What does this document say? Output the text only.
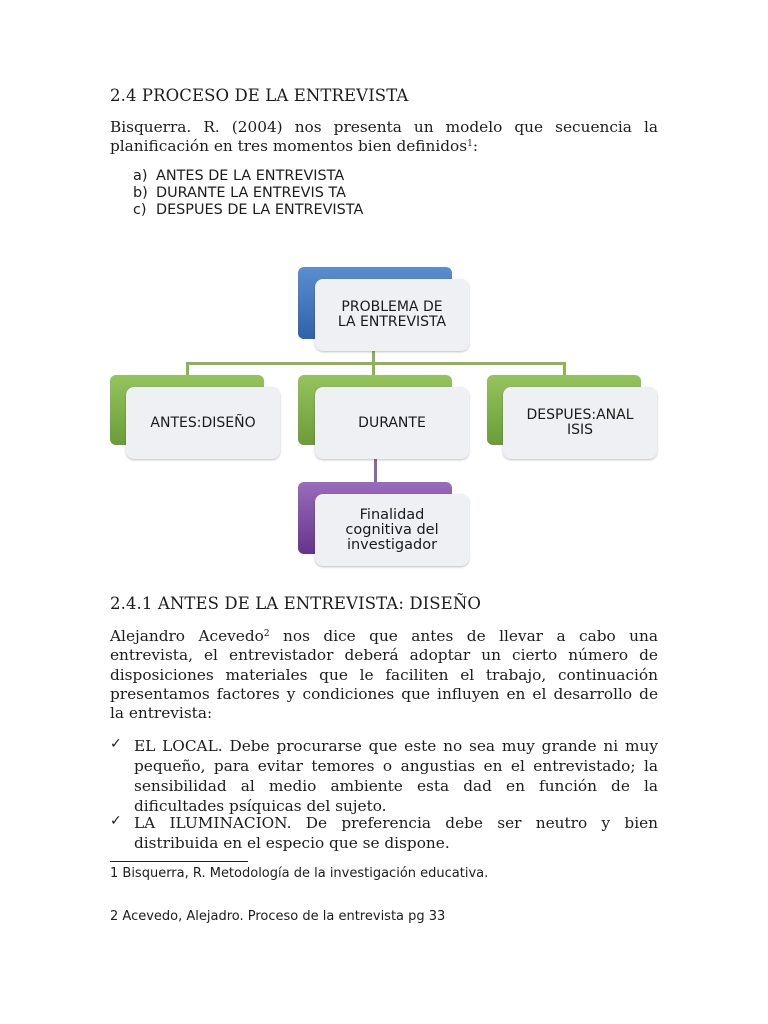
2.4 PROCESO DE LA ENTREVISTA
Bisquerra. R. (2004) nos presenta un modelo que secuencia la
planificación en tres momentos bien definidos$^1$:
a) ANTES DE LA ENTREVISTA
b) DURANTE LA ENTREVIS TA
c) DESPUES DE LA ENTREVISTA
PROBLEMA DE
LA ENTREVISTA
ANTES:DISEÑO	DURANTE	DESPUES:ANAL
ISIS
Finalidad
cognitiva del
investigador
2.4.1 ANTES DE LA ENTREVISTA: DISEÑO
Alejandro Acevedo$^2$ nos dice que antes de llevar a cabo una
entrevista, el entrevistador deberá adoptar un cierto número de
disposiciones materiales que le faciliten el trabajo, continuación
presentamos factores y condiciones que influyen en el desarrollo de
la entrevista:
✓ EL LOCAL. Debe procurarse que este no sea muy grande ni muy
pequeño, para evitar temores o angustias en el entrevistado; la
sensibilidad al medio ambiente esta dad en función de la
dificultades psíquicas del sujeto.
✓ LA ILUMINACION. De preferencia debe ser neutro y bien
distribuida en el especio que se dispone.
1 Bisquerra, R. Metodología de la investigación educativa.
2 Acevedo, Alejadro. Proceso de la entrevista pg 33
